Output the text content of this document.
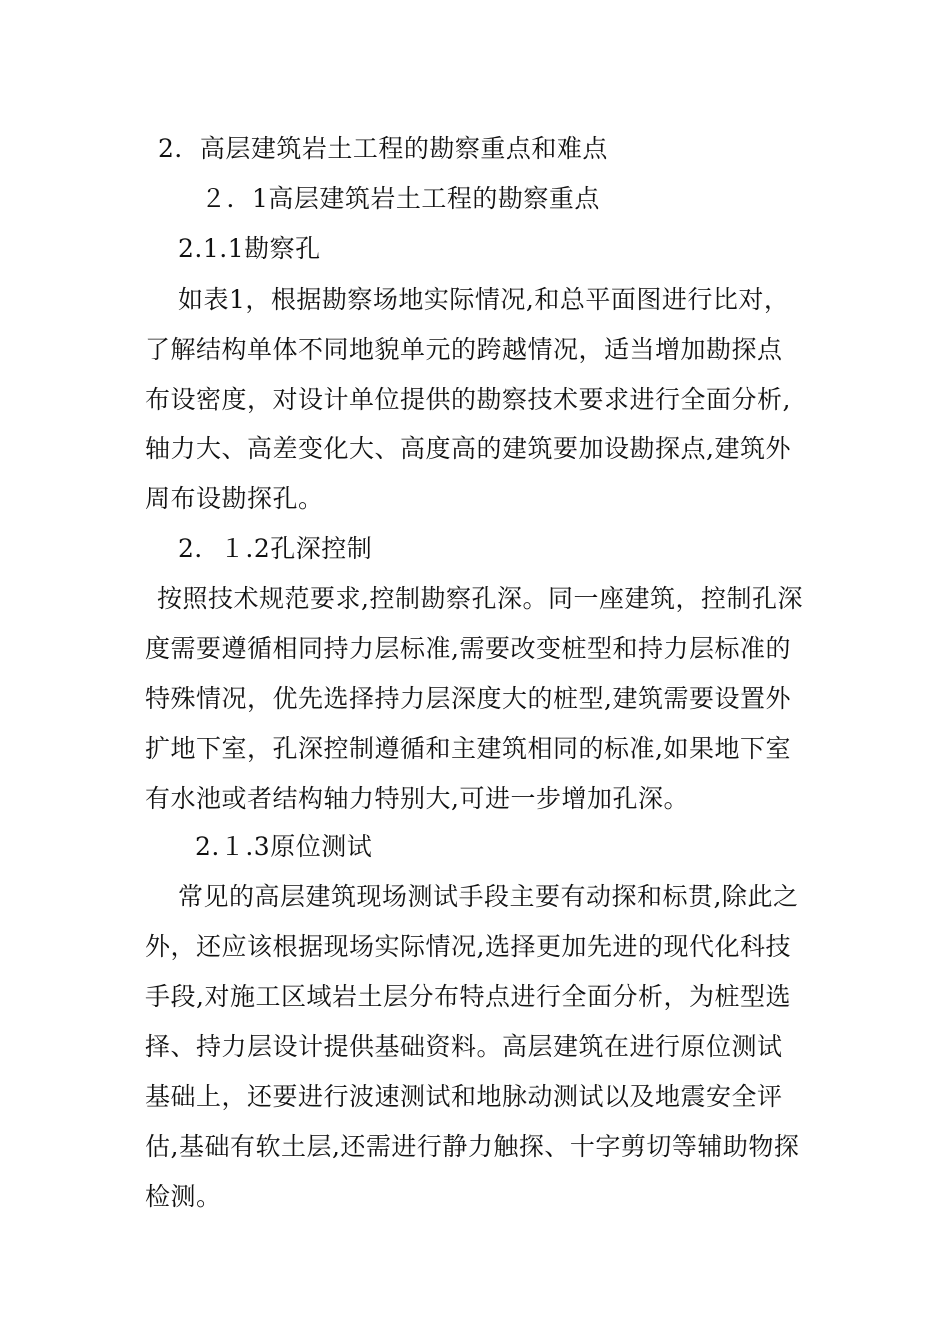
2．高层建筑岩土工程的勘察重点和难点
２．1高层建筑岩土工程的勘察重点
2.1.1勘察孔
如表1，根据勘察场地实际情况,和总平面图进行比对，
了解结构单体不同地貌单元的跨越情况，适当增加勘探点
布设密度，对设计单位提供的勘察技术要求进行全面分析,
轴力大、高差变化大、高度高的建筑要加设勘探点,建筑外
周布设勘探孔。
2．１.2孔深控制
按照技术规范要求,控制勘察孔深。同一座建筑，控制孔深
度需要遵循相同持力层标准,需要改变桩型和持力层标准的
特殊情况，优先选择持力层深度大的桩型,建筑需要设置外
扩地下室，孔深控制遵循和主建筑相同的标准,如果地下室
有水池或者结构轴力特别大,可进一步增加孔深。
2.１.3原位测试
常见的高层建筑现场测试手段主要有动探和标贯,除此之
外，还应该根据现场实际情况,选择更加先进的现代化科技
手段,对施工区域岩土层分布特点进行全面分析，为桩型选
择、持力层设计提供基础资料。高层建筑在进行原位测试
基础上，还要进行波速测试和地脉动测试以及地震安全评
估,基础有软土层,还需进行静力触探、十字剪切等辅助物探
检测。
